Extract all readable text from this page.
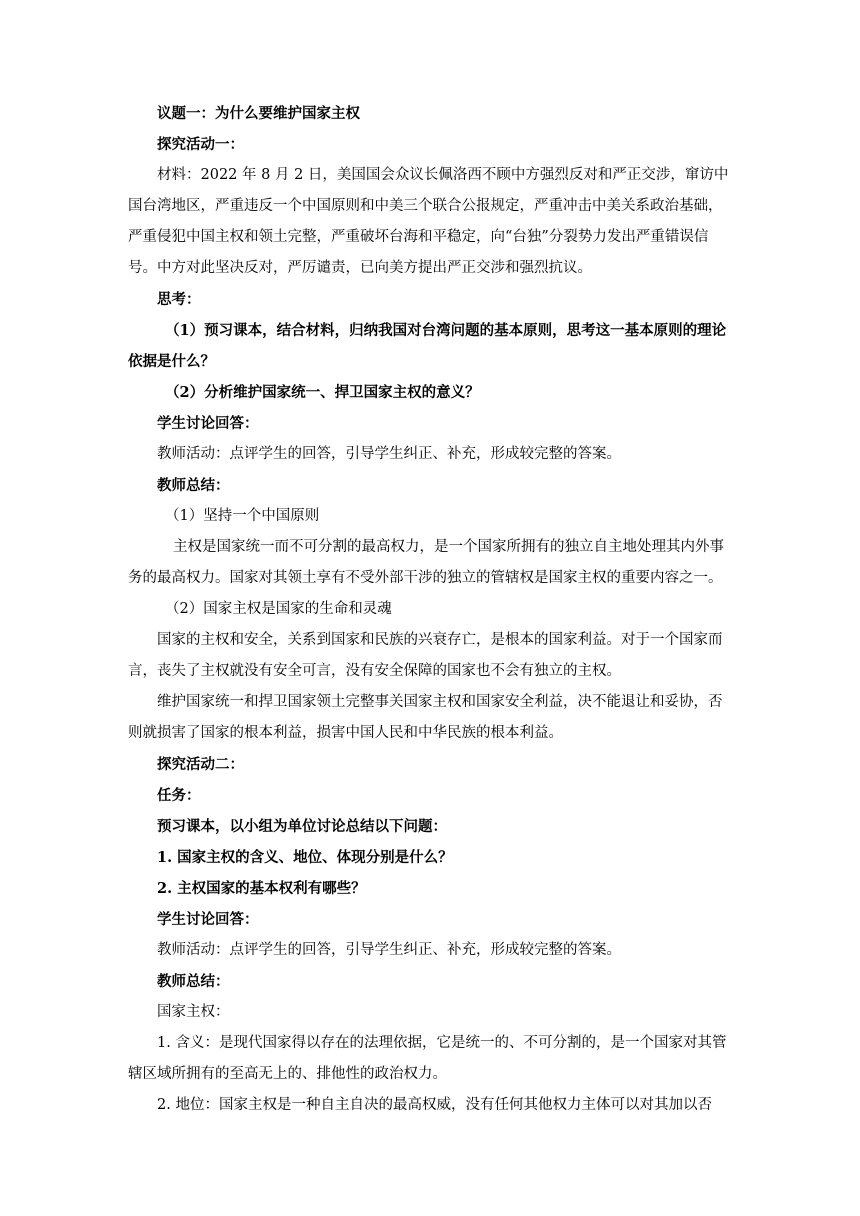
议题一：为什么要维护国家主权

探究活动一：

材料：2022 年 8 月 2 日，美国国会众议长佩洛西不顾中方强烈反对和严正交涉，窜访中国台湾地区，严重违反一个中国原则和中美三个联合公报规定，严重冲击中美关系政治基础，严重侵犯中国主权和领土完整，严重破坏台海和平稳定，向“台独”分裂势力发出严重错误信号。中方对此坚决反对，严厉谴责，已向美方提出严正交涉和强烈抗议。

思考：

（1）预习课本，结合材料，归纳我国对台湾问题的基本原则，思考这一基本原则的理论依据是什么？

（2）分析维护国家统一、捍卫国家主权的意义？

学生讨论回答：

教师活动：点评学生的回答，引导学生纠正、补充，形成较完整的答案。

教师总结：

（1）坚持一个中国原则

主权是国家统一而不可分割的最高权力，是一个国家所拥有的独立自主地处理其内外事务的最高权力。国家对其领土享有不受外部干涉的独立的管辖权是国家主权的重要内容之一。

（2）国家主权是国家的生命和灵魂

国家的主权和安全，关系到国家和民族的兴衰存亡，是根本的国家利益。对于一个国家而言，丧失了主权就没有安全可言，没有安全保障的国家也不会有独立的主权。

维护国家统一和捍卫国家领土完整事关国家主权和国家安全利益，决不能退让和妥协，否则就损害了国家的根本利益，损害中国人民和中华民族的根本利益。

探究活动二：

任务：

预习课本，以小组为单位讨论总结以下问题：

1. 国家主权的含义、地位、体现分别是什么？

2. 主权国家的基本权利有哪些？

学生讨论回答：

教师活动：点评学生的回答，引导学生纠正、补充，形成较完整的答案。

教师总结：

国家主权：

1. 含义：是现代国家得以存在的法理依据，它是统一的、不可分割的，是一个国家对其管辖区域所拥有的至高无上的、排他性的政治权力。

2. 地位：国家主权是一种自主自决的最高权威，没有任何其他权力主体可以对其加以否
